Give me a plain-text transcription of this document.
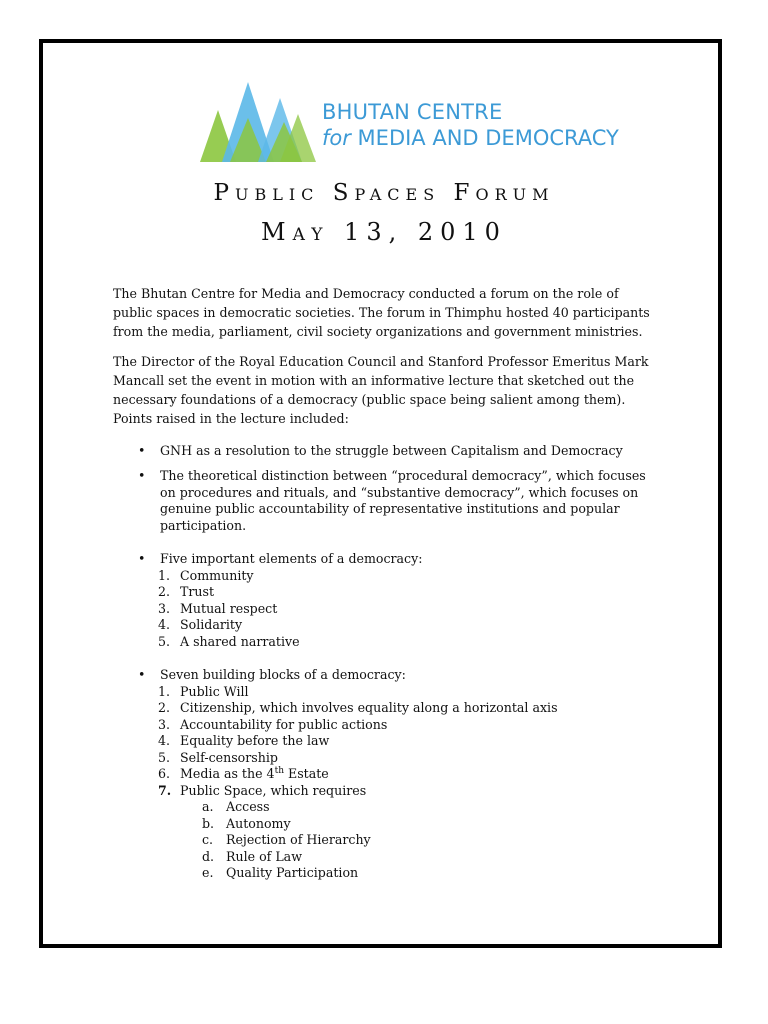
BHUTAN CENTRE
for MEDIA AND DEMOCRACY
Public Spaces Forum
May 13, 2010
The Bhutan Centre for Media and Democracy conducted a forum on the role of public spaces in democratic societies. The forum in Thimphu hosted 40 participants from the media, parliament, civil society organizations and government ministries.
The Director of the Royal Education Council and Stanford Professor Emeritus Mark Mancall set the event in motion with an informative lecture that sketched out the necessary foundations of a democracy (public space being salient among them). Points raised in the lecture included:
• GNH as a resolution to the struggle between Capitalism and Democracy
• The theoretical distinction between “procedural democracy”, which focuses on procedures and rituals, and “substantive democracy”, which focuses on genuine public accountability of representative institutions and popular participation.
• Five important elements of a democracy:
1. Community
2. Trust
3. Mutual respect
4. Solidarity
5. A shared narrative
• Seven building blocks of a democracy:
1. Public Will
2. Citizenship, which involves equality along a horizontal axis
3. Accountability for public actions
4. Equality before the law
5. Self-censorship
6. Media as the 4th Estate
7. Public Space, which requires
a. Access
b. Autonomy
c. Rejection of Hierarchy
d. Rule of Law
e. Quality Participation
